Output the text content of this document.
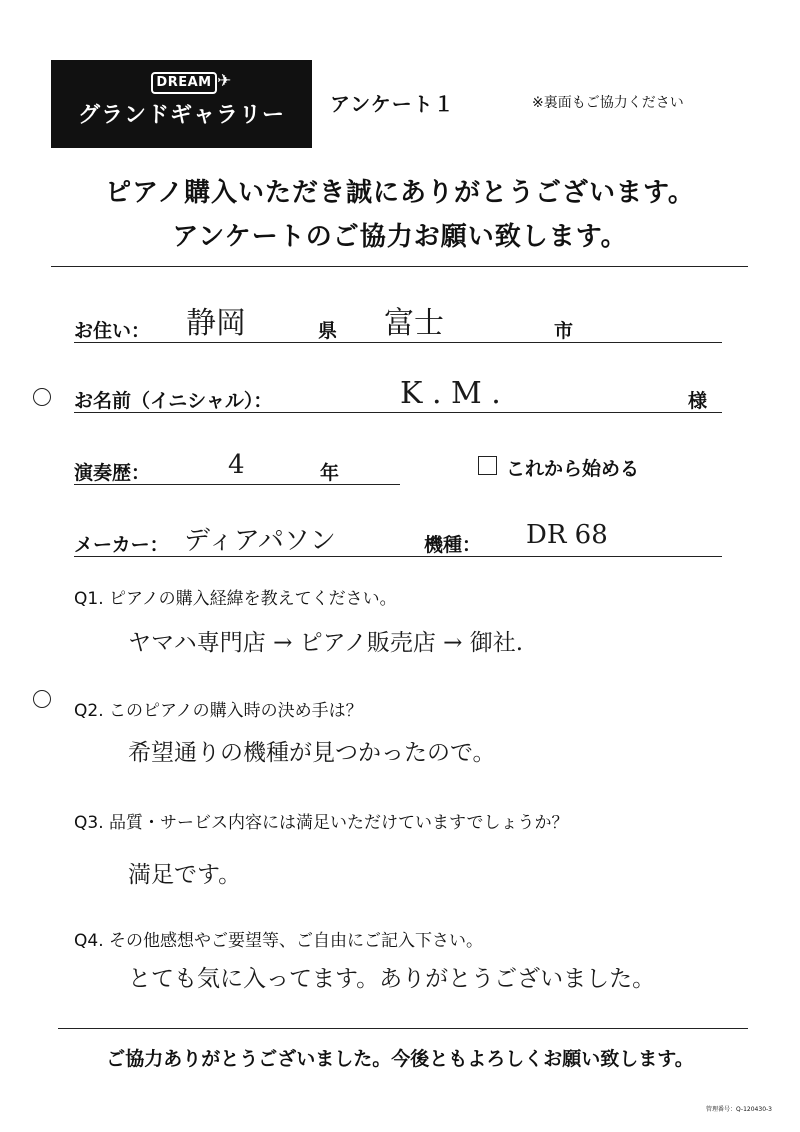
DREAM ✈
グランドギャラリー	アンケート１	※裏面もご協力ください
ピアノ購入いただき誠にありがとうございます。
アンケートのご協力お願い致します。
お住い： 静岡	県 富士	市
お名前（イニシャル）：	K . M .	様
演奏歴：	4	年	これから始める
メーカー： ディアパソン	機種： DR 68
Q1. ピアノの購入経緯を教えてください。
ヤマハ専門店 → ピアノ販売店 → 御社.
Q2. このピアノの購入時の決め手は？
希望通りの機種が見つかったので。
Q3. 品質・サービス内容には満足いただけていますでしょうか？
満足です。
Q4. その他感想やご要望等、ご自由にご記入下さい。
とても気に入ってます。ありがとうございました。
ご協力ありがとうございました。今後ともよろしくお願い致します。
管理番号：Q-120430-3
